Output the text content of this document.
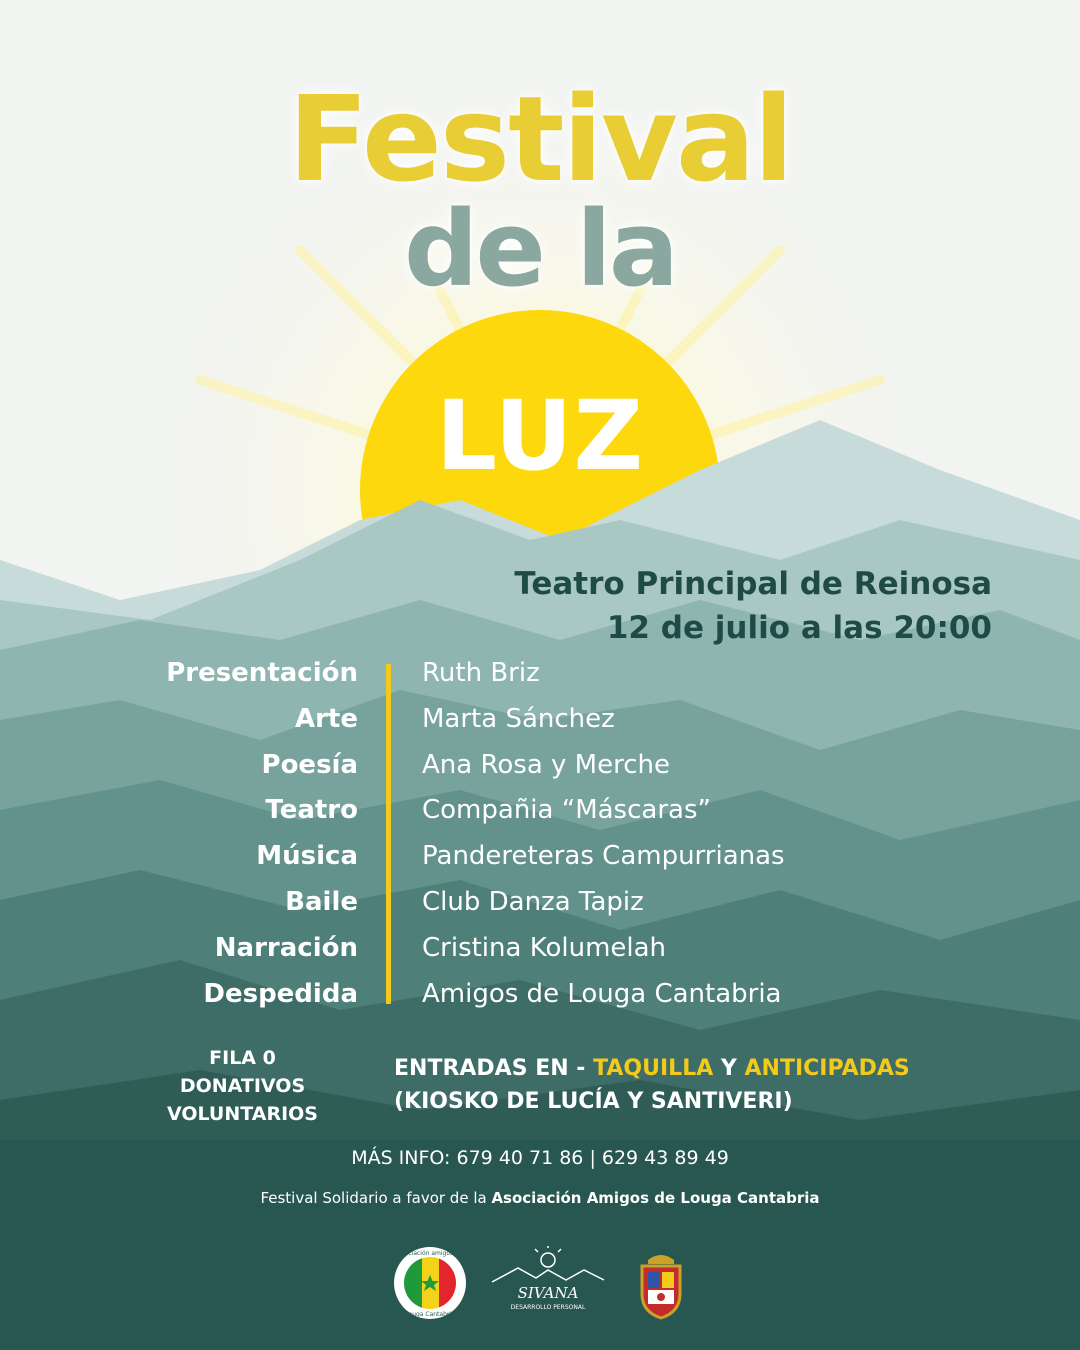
Festival
de la
LUZ
Teatro Principal de Reinosa
12 de julio a las 20:00
Presentación
Arte
Poesía
Teatro
Música
Baile
Narración
Despedida
Ruth Briz
Marta Sánchez
Ana Rosa y Merche
Compañia “Máscaras”
Pandereteras Campurrianas
Club Danza Tapiz
Cristina Kolumelah
Amigos de Louga Cantabria
FILA 0
DONATIVOS
VOLUNTARIOS
ENTRADAS EN - TAQUILLA Y ANTICIPADAS
(KIOSKO DE LUCÍA Y SANTIVERI)
MÁS INFO: 679 40 71 86 | 629 43 89 49
Festival Solidario a favor de la Asociación Amigos de Louga Cantabria
Asociación amigos de
Louga Cantabria
SIVANA
DESARROLLO PERSONAL
